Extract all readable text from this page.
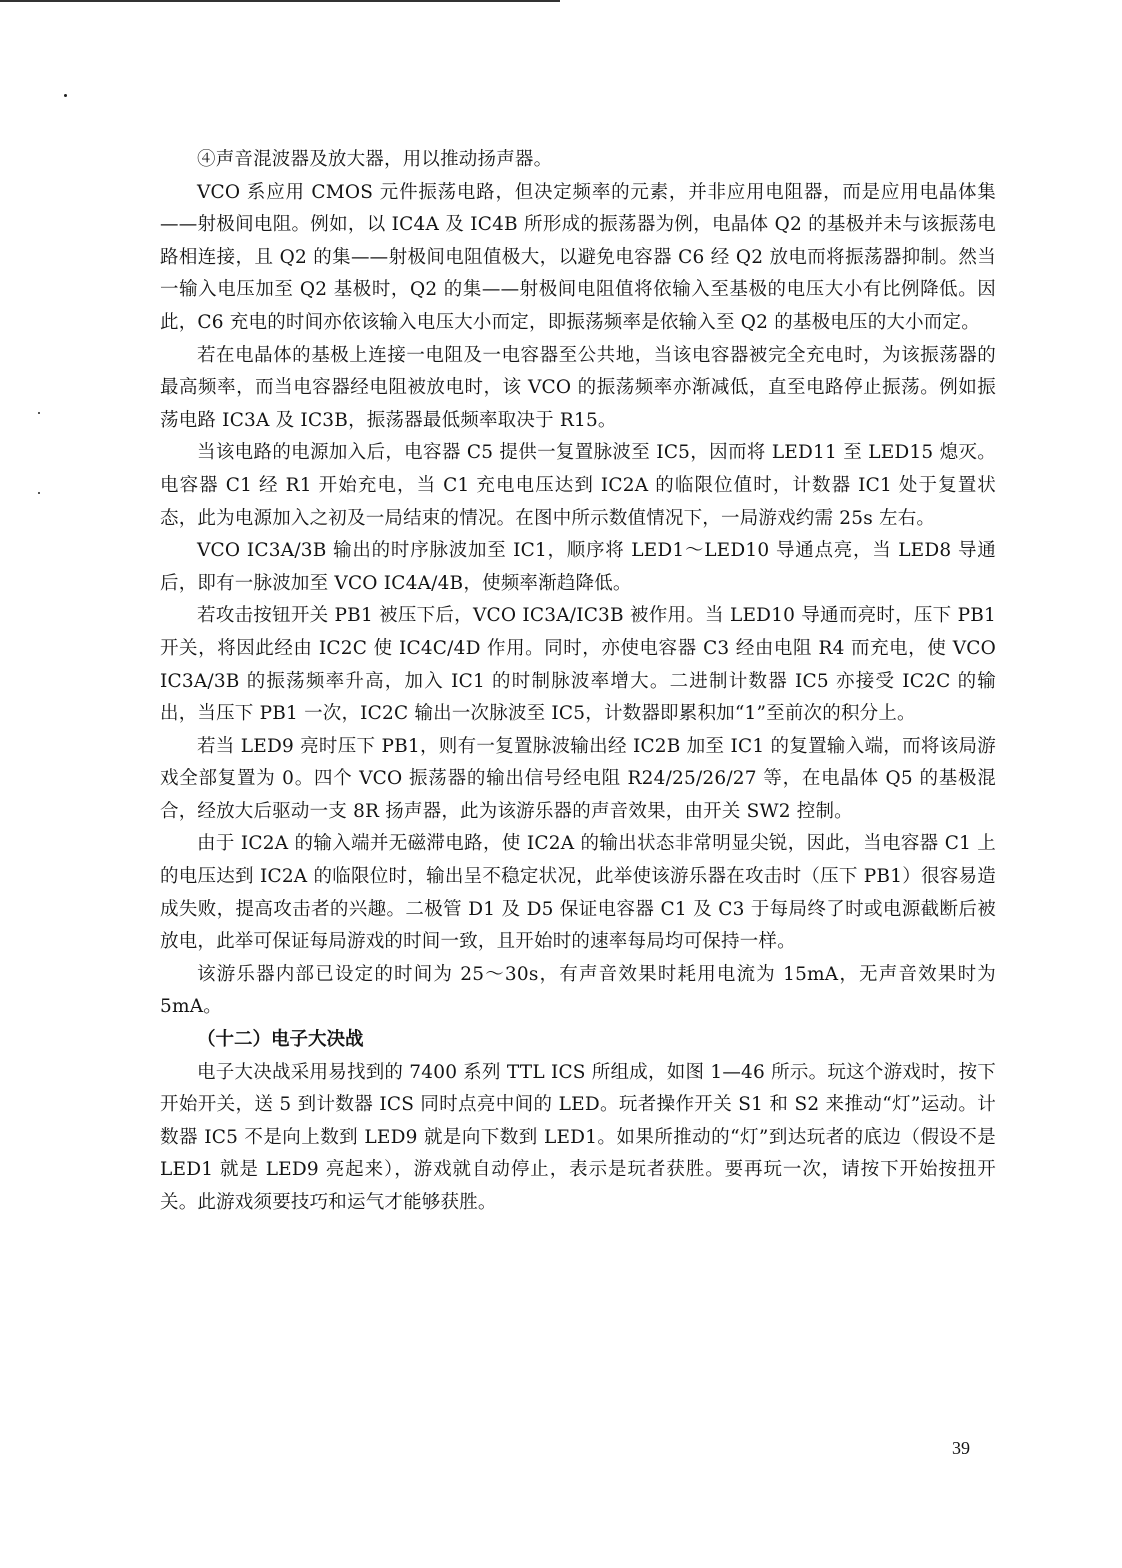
④声音混波器及放大器，用以推动扬声器。

VCO 系应用 CMOS 元件振荡电路，但决定频率的元素，并非应用电阻器，而是应用电晶体集——射极间电阻。例如，以 IC4A 及 IC4B 所形成的振荡器为例，电晶体 Q2 的基极并未与该振荡电路相连接，且 Q2 的集——射极间电阻值极大，以避免电容器 C6 经 Q2 放电而将振荡器抑制。然当一输入电压加至 Q2 基极时，Q2 的集——射极间电阻值将依输入至基极的电压大小有比例降低。因此，C6 充电的时间亦依该输入电压大小而定，即振荡频率是依输入至 Q2 的基极电压的大小而定。

若在电晶体的基极上连接一电阻及一电容器至公共地，当该电容器被完全充电时，为该振荡器的最高频率，而当电容器经电阻被放电时，该 VCO 的振荡频率亦渐减低，直至电路停止振荡。例如振荡电路 IC3A 及 IC3B，振荡器最低频率取决于 R15。

当该电路的电源加入后，电容器 C5 提供一复置脉波至 IC5，因而将 LED11 至 LED15 熄灭。电容器 C1 经 R1 开始充电，当 C1 充电电压达到 IC2A 的临限位值时，计数器 IC1 处于复置状态，此为电源加入之初及一局结束的情况。在图中所示数值情况下，一局游戏约需 25s 左右。

VCO IC3A/3B 输出的时序脉波加至 IC1，顺序将 LED1～LED10 导通点亮，当 LED8 导通后，即有一脉波加至 VCO IC4A/4B，使频率渐趋降低。

若攻击按钮开关 PB1 被压下后，VCO IC3A/IC3B 被作用。当 LED10 导通而亮时，压下 PB1 开关，将因此经由 IC2C 使 IC4C/4D 作用。同时，亦使电容器 C3 经由电阻 R4 而充电，使 VCO IC3A/3B 的振荡频率升高，加入 IC1 的时制脉波率增大。二进制计数器 IC5 亦接受 IC2C 的输出，当压下 PB1 一次，IC2C 输出一次脉波至 IC5，计数器即累积加“1”至前次的积分上。

若当 LED9 亮时压下 PB1，则有一复置脉波输出经 IC2B 加至 IC1 的复置输入端，而将该局游戏全部复置为 0。四个 VCO 振荡器的输出信号经电阻 R24/25/26/27 等，在电晶体 Q5 的基极混合，经放大后驱动一支 8R 扬声器，此为该游乐器的声音效果，由开关 SW2 控制。

由于 IC2A 的输入端并无磁滞电路，使 IC2A 的输出状态非常明显尖锐，因此，当电容器 C1 上的电压达到 IC2A 的临限位时，输出呈不稳定状况，此举使该游乐器在攻击时（压下 PB1）很容易造成失败，提高攻击者的兴趣。二极管 D1 及 D5 保证电容器 C1 及 C3 于每局终了时或电源截断后被放电，此举可保证每局游戏的时间一致，且开始时的速率每局均可保持一样。

该游乐器内部已设定的时间为 25～30s，有声音效果时耗用电流为 15mA，无声音效果时为 5mA。

（十二）电子大决战

电子大决战采用易找到的 7400 系列 TTL ICS 所组成，如图 1—46 所示。玩这个游戏时，按下开始开关，送 5 到计数器 ICS 同时点亮中间的 LED。玩者操作开关 S1 和 S2 来推动“灯”运动。计数器 IC5 不是向上数到 LED9 就是向下数到 LED1。如果所推动的“灯”到达玩者的底边（假设不是 LED1 就是 LED9 亮起来），游戏就自动停止，表示是玩者获胜。要再玩一次，请按下开始按扭开关。此游戏须要技巧和运气才能够获胜。

39
